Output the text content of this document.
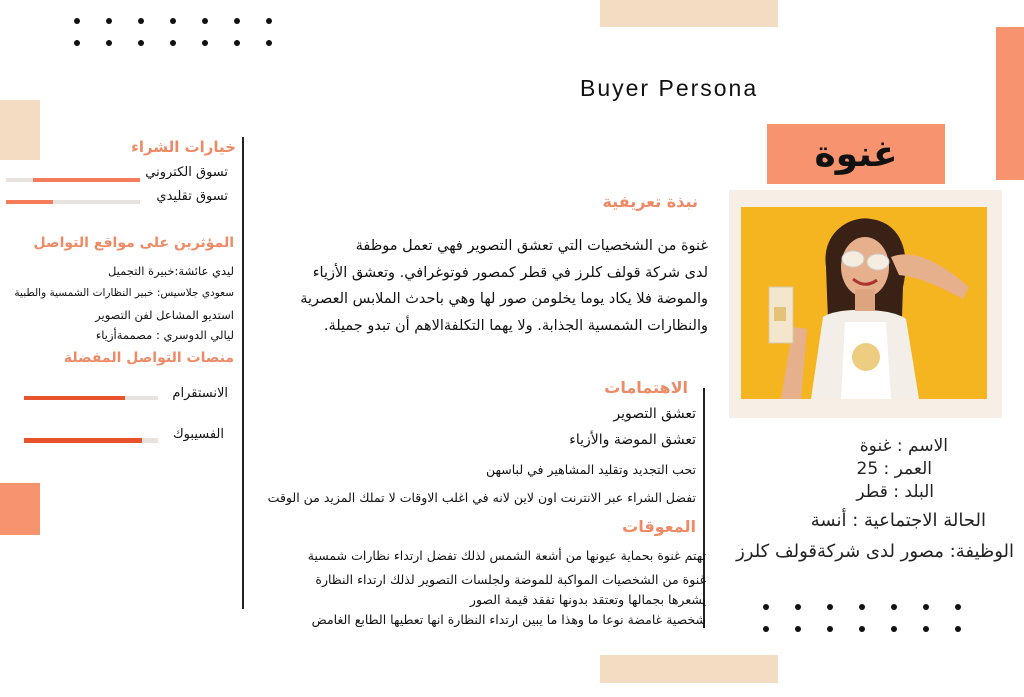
Buyer Persona
غنوة
الاسم : غنوة
العمر : 25
البلد : قطر
الحالة الاجتماعية : أنسة
الوظيفة: مصور لدى شركةقولف كلرز
نبذة تعريفية
غنوة من الشخصيات التي تعشق التصوير فهي تعمل موظفة
لدى شركة قولف كلرز في قطر كمصور فوتوغرافي. وتعشق الأزياء
والموضة فلا يكاد يوما يخلومن صور لها وهي باحدث الملابس العصرية
والنظارات الشمسية الجذابة. ولا يهما التكلفةالاهم أن تبدو جميلة.
الاهتمامات
تعشق التصوير
تعشق الموضة والأزياء
تحب التجديد وتقليد المشاهير في لباسهن
تفضل الشراء عبر الانترنت اون لاين لانه في اغلب الاوقات لا تملك المزيد من الوقت
المعوقات
تهتم غنوة بحماية عيونها من أشعة الشمس لذلك تفضل ارتداء نظارات شمسية
غنوة من الشخصيات المواكبة للموضة ولجلسات التصوير لذلك ارتداء النظارة
يشعرها بجمالها وتعتقد بدونها تفقد قيمة الصور
شخصية غامضة نوعا ما وهذا ما يبين ارتداء النظارة انها تعطيها الطابع الغامض
خيارات الشراء
تسوق الكتروني
تسوق تقليدي
المؤثرين على مواقع التواصل
ليدي عائشة:خبيرة التجميل
سعودي جلاسيس: خبير النظارات الشمسية والطبية
استديو المشاعل لفن التصوير
ليالي الدوسري : مصممةأزياء
منصات التواصل المفضلة
الانستقرام
الفسيبوك
